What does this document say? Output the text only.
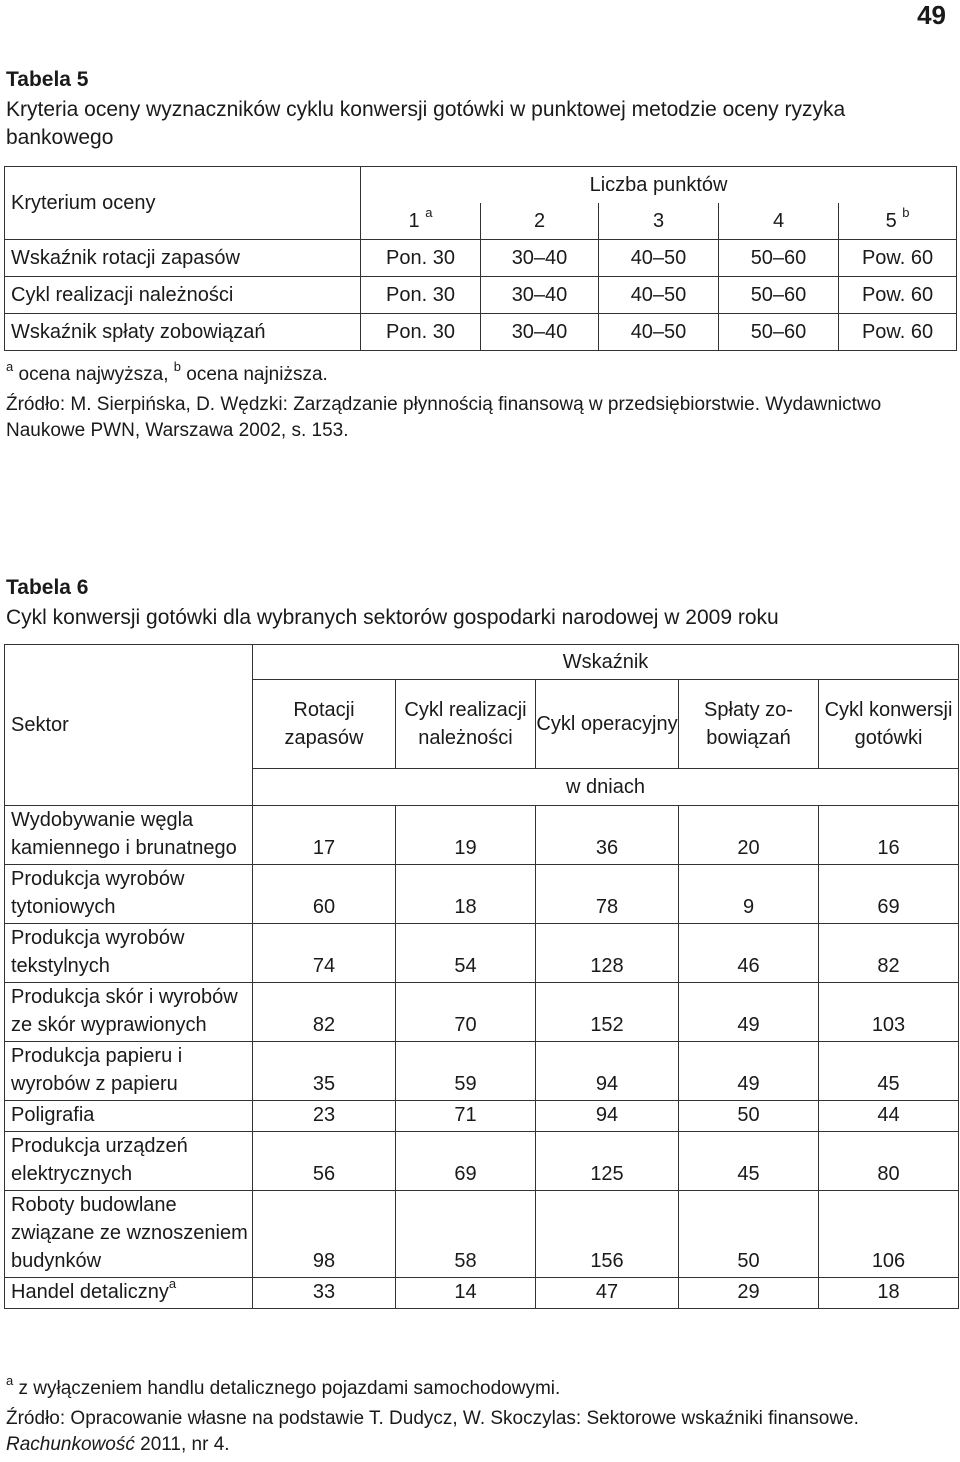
49
Tabela 5
Kryteria oceny wyznaczników cyklu konwersji gotówki w punktowej metodzie oceny ryzyka bankowego
Kryterium oceny	Liczba punktów				
	1 $^a$	2	3	4	5 $^b$
Wskaźnik rotacji zapasów	Pon. 30	30–40	40–50	50–60	Pow. 60
Cykl realizacji należności	Pon. 30	30–40	40–50	50–60	Pow. 60
Wskaźnik spłaty zobowiązań	Pon. 30	30–40	40–50	50–60	Pow. 60
$^a$ ocena najwyższa, $^b$ ocena najniższa.
Źródło: M. Sierpińska, D. Wędzki: Zarządzanie płynnością finansową w przedsiębiorstwie. Wydawnictwo Naukowe PWN, Warszawa 2002, s. 153.
Tabela 6
Cykl konwersji gotówki dla wybranych sektorów gospodarki narodowej w 2009 roku
Sektor	Wskaźnik				
	Rotacji zapasów	Cykl realizacji należności	Cykl operacyjny	Spłaty zobowiązań	Cykl konwersji gotówki
	w dniach				
Wydobywanie węgla kamiennego i brunatnego	17	19	36	20	16
Produkcja wyrobów tytoniowych	60	18	78	9	69
Produkcja wyrobów tekstylnych	74	54	128	46	82
Produkcja skór i wyrobów ze skór wyprawionych	82	70	152	49	103
Produkcja papieru i wyrobów z papieru	35	59	94	49	45
Poligrafia	23	71	94	50	44
Produkcja urządzeń elektrycznych	56	69	125	45	80
Roboty budowlane związane ze wznoszeniem budynków	98	58	156	50	106
Handel detaliczny$^a$	33	14	47	29	18
$^a$ z wyłączeniem handlu detalicznego pojazdami samochodowymi.
Źródło: Opracowanie własne na podstawie T. Dudycz, W. Skoczylas: Sektorowe wskaźniki finansowe. Rachunkowość 2011, nr 4.
